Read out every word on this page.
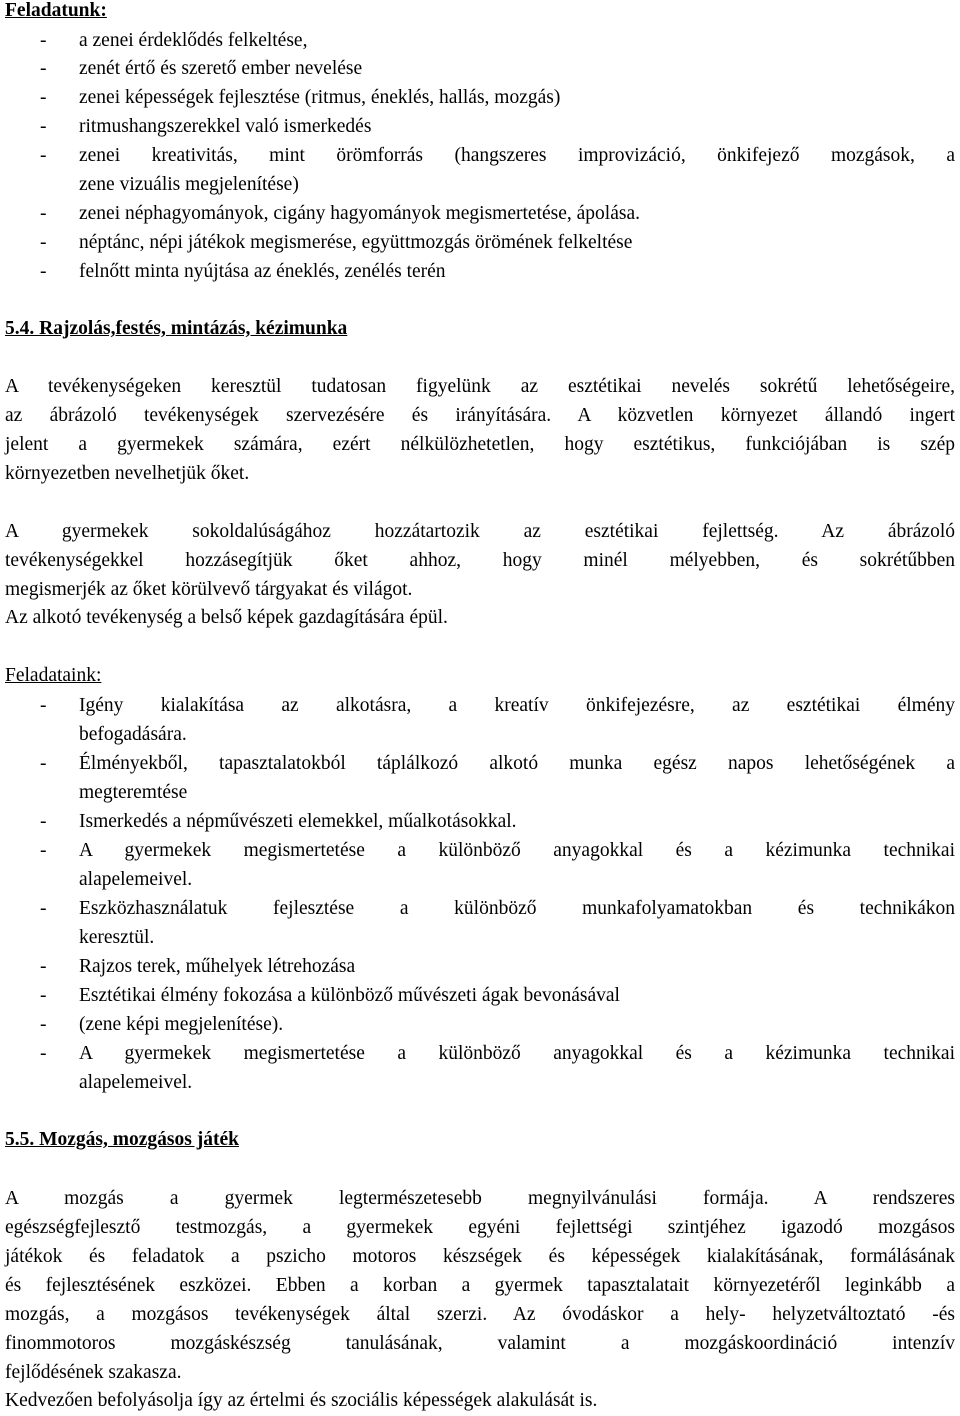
Feladatunk:
- a zenei érdeklődés felkeltése,
- zenét értő és szerető ember nevelése
- zenei képességek fejlesztése (ritmus, éneklés, hallás, mozgás)
- ritmushangszerekkel való ismerkedés
- zenei kreativitás, mint örömforrás (hangszeres improvizáció, önkifejező mozgások, a
zene vizuális megjelenítése)
- zenei néphagyományok, cigány hagyományok megismertetése, ápolása.
- néptánc, népi játékok megismerése, együttmozgás örömének felkeltése
- felnőtt minta nyújtása az éneklés, zenélés terén
5.4. Rajzolás,festés, mintázás, kézimunka
A tevékenységeken keresztül tudatosan figyelünk az esztétikai nevelés sokrétű lehetőségeire,
az ábrázoló tevékenységek szervezésére és irányítására. A közvetlen környezet állandó ingert
jelent a gyermekek számára, ezért nélkülözhetetlen, hogy esztétikus, funkciójában is szép
környezetben nevelhetjük őket.
A gyermekek sokoldalúságához hozzátartozik az esztétikai fejlettség. Az ábrázoló
tevékenységekkel hozzásegítjük őket ahhoz, hogy minél mélyebben, és sokrétűbben
megismerjék az őket körülvevő tárgyakat és világot.
Az alkotó tevékenység a belső képek gazdagítására épül.
Feladataink:
- Igény kialakítása az alkotásra, a kreatív önkifejezésre, az esztétikai élmény
befogadására.
- Élményekből, tapasztalatokból táplálkozó alkotó munka egész napos lehetőségének a
megteremtése
- Ismerkedés a népművészeti elemekkel, műalkotásokkal.
- A gyermekek megismertetése a különböző anyagokkal és a kézimunka technikai
alapelemeivel.
- Eszközhasználatuk fejlesztése a különböző munkafolyamatokban és technikákon
keresztül.
- Rajzos terek, műhelyek létrehozása
- Esztétikai élmény fokozása a különböző művészeti ágak bevonásával
- (zene képi megjelenítése).
- A gyermekek megismertetése a különböző anyagokkal és a kézimunka technikai
alapelemeivel.
5.5. Mozgás, mozgásos játék
A mozgás a gyermek legtermészetesebb megnyilvánulási formája. A rendszeres
egészségfejlesztő testmozgás, a gyermekek egyéni fejlettségi szintjéhez igazodó mozgásos
játékok és feladatok a pszicho motoros készségek és képességek kialakításának, formálásának
és fejlesztésének eszközei. Ebben a korban a gyermek tapasztalatait környezetéről leginkább a
mozgás, a mozgásos tevékenységek által szerzi. Az óvodáskor a hely- helyzetváltoztató -és
finommotoros mozgáskészség tanulásának, valamint a mozgáskoordináció intenzív
fejlődésének szakasza.
Kedvezően befolyásolja így az értelmi és szociális képességek alakulását is.
